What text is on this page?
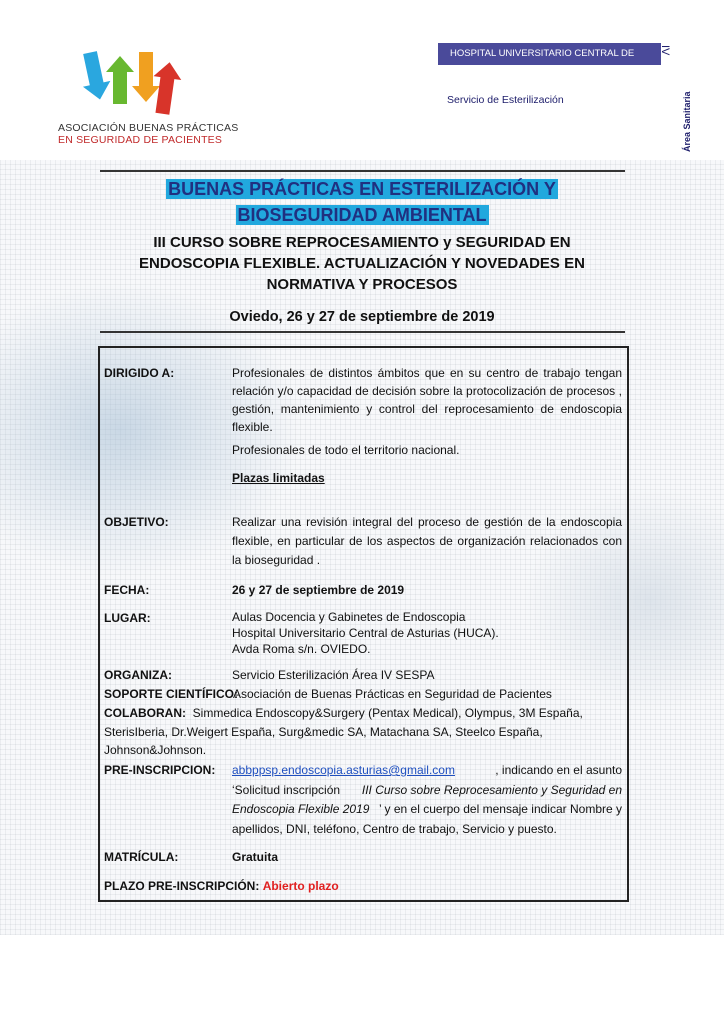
ASOCIACIÓN BUENAS PRÁCTICAS
EN SEGURIDAD DE PACIENTES
HOSPITAL UNIVERSITARIO CENTRAL DE ASTURIAS
IV
Servicio de Esterilización	Área Sanitaria
BUENAS PRÁCTICAS EN ESTERILIZACIÓN Y
BIOSEGURIDAD AMBIENTAL
III CURSO SOBRE REPROCESAMIENTO y SEGURIDAD EN
ENDOSCOPIA FLEXIBLE. ACTUALIZACIÓN Y NOVEDADES EN
NORMATIVA Y PROCESOS
Oviedo, 26 y 27 de septiembre de 2019
DIRIGIDO A:	Profesionales de distintos ámbitos que en su centro de trabajo tengan relación y/o capacidad de decisión sobre la protocolización de procesos , gestión, mantenimiento y control del reprocesamiento de endoscopia flexible.
Profesionales de todo el territorio nacional.
Plazas limitadas
OBJETIVO:	Realizar una revisión integral del proceso de gestión de la endoscopia flexible, en particular de los aspectos de organización relacionados con la bioseguridad .
FECHA:	26 y 27 de septiembre de 2019
LUGAR:	Aulas Docencia y Gabinetes de Endoscopia
Hospital Universitario Central de Asturias (HUCA).
Avda Roma s/n. OVIEDO.
ORGANIZA:	Servicio Esterilización Área IV SESPA
SOPORTE CIENTÍFICO:
Asociación de Buenas Prácticas en Seguridad de Pacientes
COLABORAN: Simmedica Endoscopy&Surgery (Pentax Medical), Olympus, 3M España,
SterisIberia, Dr.Weigert España, Surg&medic SA, Matachana SA, Steelco España,
Johnson&Johnson.
PRE-INSCRIPCION: abbppsp.endoscopia.asturias@gmail.com	, indicando en el asunto
‘Solicitud inscripción III Curso sobre Reprocesamiento y Seguridad en
Endoscopia Flexible 2019 ’ y en el cuerpo del mensaje indicar Nombre y
apellidos, DNI, teléfono, Centro de trabajo, Servicio y puesto.
MATRÍCULA:	Gratuita
PLAZO PRE-INSCRIPCIÓN: Abierto plazo
